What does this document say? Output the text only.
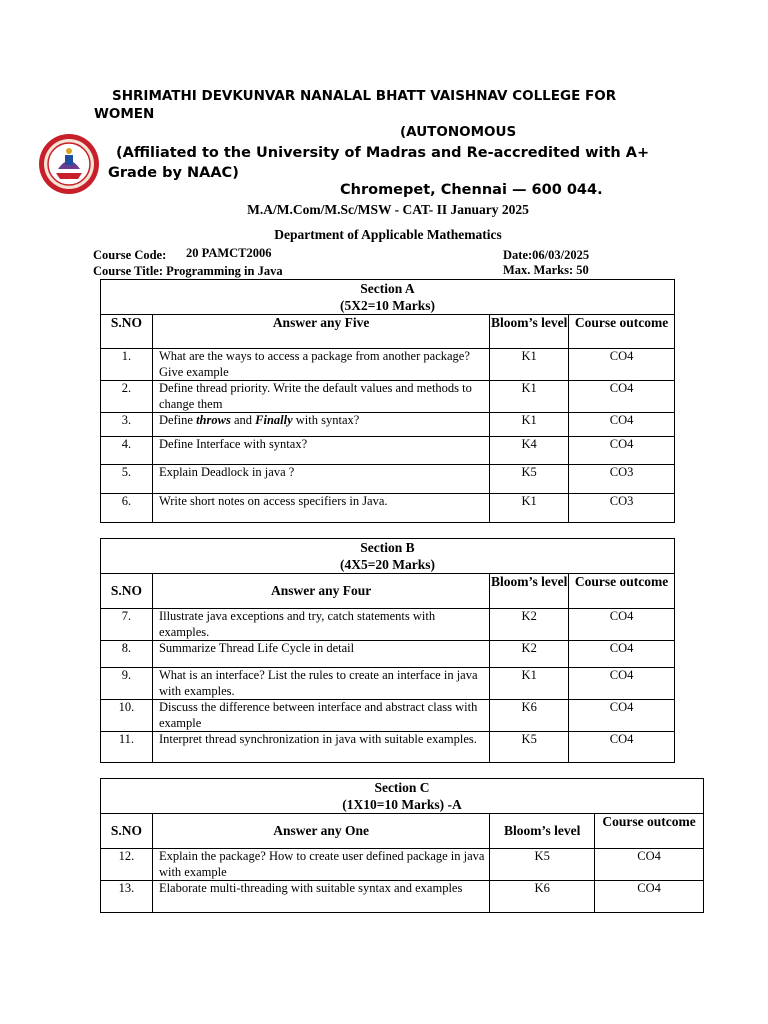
SHRIMATHI DEVKUNVAR NANALAL BHATT VAISHNAV COLLEGE FOR WOMEN
(AUTONOMOUS
(Affiliated to the University of Madras and Re-accredited with A+ Grade by NAAC)
Chromepet, Chennai — 600 044.
M.A/M.Com/M.Sc/MSW - CAT- II January 2025
Department of Applicable Mathematics
Course Code: 20 PAMCT2006
Course Title: Programming in Java
Date:06/03/2025
Max. Marks: 50
Section A
(5X2=10 Marks)			

S.NO	Answer any Five	Bloom’s level	Course outcome
1.	What are the ways to access a package from another package? Give example	K1	CO4
2.	Define thread priority. Write the default values and methods to change them	K1	CO4
3.	Define throws and Finally with syntax?	K1	CO4
4.	Define Interface with syntax?	K4	CO4
5.	Explain Deadlock in java ?	K5	CO3
6.	Write short notes on access specifiers in Java.	K1	CO3
Section B
(4X5=20 Marks)			

S.NO	Answer any Four	Bloom’s level	Course outcome
7.	Illustrate java exceptions and try, catch statements with examples.	K2	CO4
8.	Summarize Thread Life Cycle in detail	K2	CO4
9.	What is an interface? List the rules to create an interface in java with examples.	K1	CO4
10.	Discuss the difference between interface and abstract class with example	K6	CO4
11.	Interpret thread synchronization in java with suitable examples.	K5	CO4
Section C
(1X10=10 Marks) -A			

S.NO	Answer any One	Bloom’s level	Course outcome
12.	Explain the package? How to create user defined package in java with example	K5	CO4
13.	Elaborate multi-threading with suitable syntax and examples	K6	CO4
